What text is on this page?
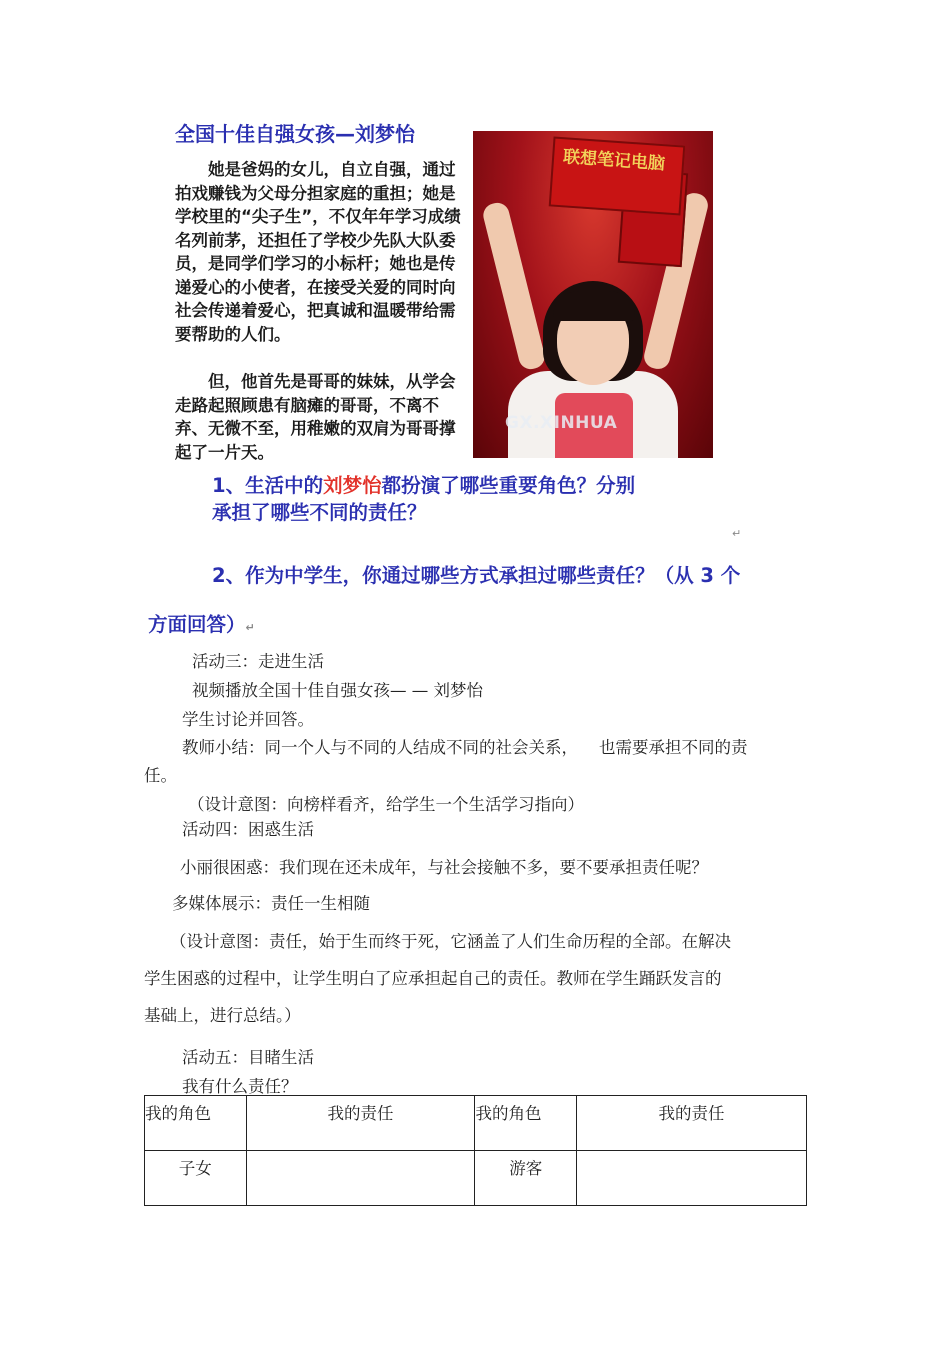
全国十佳自强女孩—刘梦怡
她是爸妈的女儿，自立自强，通过拍戏赚钱为父母分担家庭的重担；她是学校里的“尖子生”，不仅年年学习成绩名列前茅，还担任了学校少先队大队委员，是同学们学习的小标杆；她也是传递爱心的小使者，在接受关爱的同时向社会传递着爱心，把真诚和温暖带给需要帮助的人们。
但，他首先是哥哥的妹妹，从学会走路起照顾患有脑瘫的哥哥，不离不弃、无微不至，用稚嫩的双肩为哥哥撑起了一片天。
联想笔记电脑
GX.XINHUA
1、生活中的刘梦怡都扮演了哪些重要角色？分别
承担了哪些不同的责任？
↵
2、作为中学生，你通过哪些方式承担过哪些责任？（从 3 个
方面回答）↵
活动三：走进生活
视频播放全国十佳自强女孩— — 刘梦怡
学生讨论并回答。
教师小结：同一个人与不同的人结成不同的社会关系，    也需要承担不同的责
任。
（设计意图：向榜样看齐，给学生一个生活学习指向）
活动四：困惑生活
小丽很困惑：我们现在还未成年，与社会接触不多，要不要承担责任呢？
多媒体展示：责任一生相随
（设计意图：责任，始于生而终于死，它涵盖了人们生命历程的全部。在解决
学生困惑的过程中，让学生明白了应承担起自己的责任。教师在学生踊跃发言的
基础上，进行总结。）
活动五：目睹生活
我有什么责任？
我的角色	我的责任	我的角色	我的责任
子女		游客	
